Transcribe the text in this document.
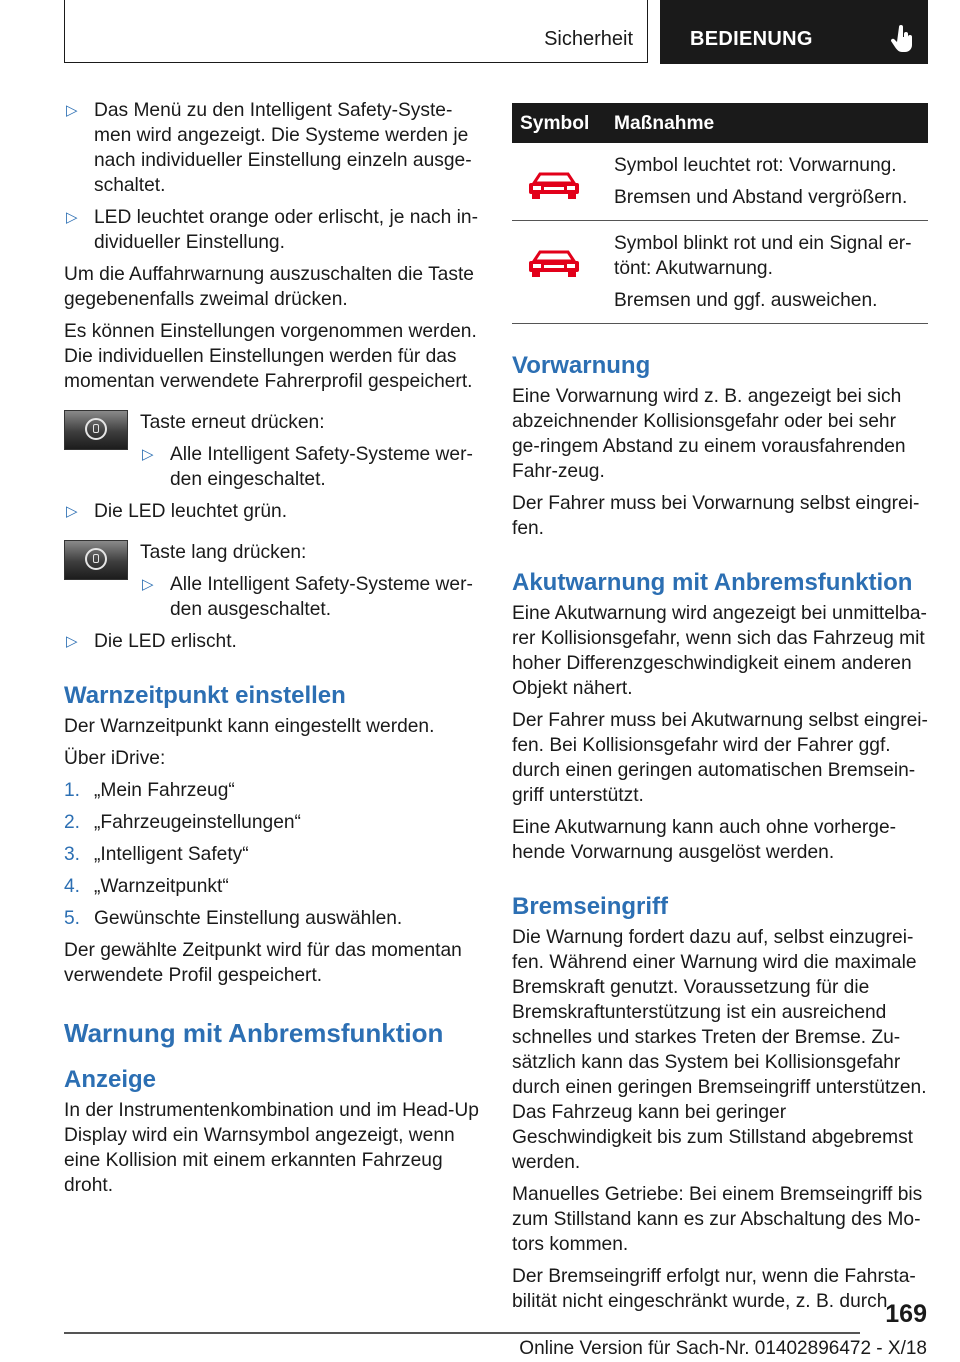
Sicherheit	BEDIENUNG
▷ Das Menü zu den Intelligent Safety-Syste-men wird angezeigt. Die Systeme werden je nach individueller Einstellung einzeln ausge-schaltet.
▷ LED leuchtet orange oder erlischt, je nach in-dividueller Einstellung.

Um die Auffahrwarnung auszuschalten die Taste gegebenenfalls zweimal drücken.

Es können Einstellungen vorgenommen werden. Die individuellen Einstellungen werden für das momentan verwendete Fahrerprofil gespeichert.

Taste erneut drücken:

▷ Alle Intelligent Safety-Systeme wer-den eingeschaltet.
▷ Die LED leuchtet grün.

Taste lang drücken:

▷ Alle Intelligent Safety-Systeme wer-den ausgeschaltet.
▷ Die LED erlischt.
Warnzeitpunkt einstellen

Der Warnzeitpunkt kann eingestellt werden.

Über iDrive:

1. „Mein Fahrzeug“
2. „Fahrzeugeinstellungen“
3. „Intelligent Safety“
4. „Warnzeitpunkt“
5. Gewünschte Einstellung auswählen.

Der gewählte Zeitpunkt wird für das momentan verwendete Profil gespeichert.

Warnung mit Anbremsfunktion
Anzeige

In der Instrumentenkombination und im Head-Up Display wird ein Warnsymbol angezeigt, wenn eine Kollision mit einem erkannten Fahrzeug droht.

Symbol	Maßnahme

Symbol leuchtet rot: Vorwarnung.

Bremsen und Abstand vergrößern.

Symbol blinkt rot und ein Signal er-tönt: Akutwarnung.

Bremsen und ggf. ausweichen.

Vorwarnung

Eine Vorwarnung wird z. B. angezeigt bei sich abzeichnender Kollisionsgefahr oder bei sehr ge-ringem Abstand zu einem vorausfahrenden Fahr-zeug.

Der Fahrer muss bei Vorwarnung selbst eingrei-fen.

Akutwarnung mit Anbremsfunktion

Eine Akutwarnung wird angezeigt bei unmittelba-rer Kollisionsgefahr, wenn sich das Fahrzeug mit hoher Differenzgeschwindigkeit einem anderen Objekt nähert.

Der Fahrer muss bei Akutwarnung selbst eingrei-fen. Bei Kollisionsgefahr wird der Fahrer ggf. durch einen geringen automatischen Bremsein-griff unterstützt.

Eine Akutwarnung kann auch ohne vorherge-hende Vorwarnung ausgelöst werden.

Bremseingriff

Die Warnung fordert dazu auf, selbst einzugrei-fen. Während einer Warnung wird die maximale Bremskraft genutzt. Voraussetzung für die Bremskraftunterstützung ist ein ausreichend schnelles und starkes Treten der Bremse. Zu-sätzlich kann das System bei Kollisionsgefahr durch einen geringen Bremseingriff unterstützen. Das Fahrzeug kann bei geringer Geschwindigkeit bis zum Stillstand abgebremst werden.

Manuelles Getriebe: Bei einem Bremseingriff bis zum Stillstand kann es zur Abschaltung des Mo-tors kommen.

Der Bremseingriff erfolgt nur, wenn die Fahrsta-bilität nicht eingeschränkt wurde, z. B. durch

169
Online Version für Sach-Nr. 01402896472 - X/18
